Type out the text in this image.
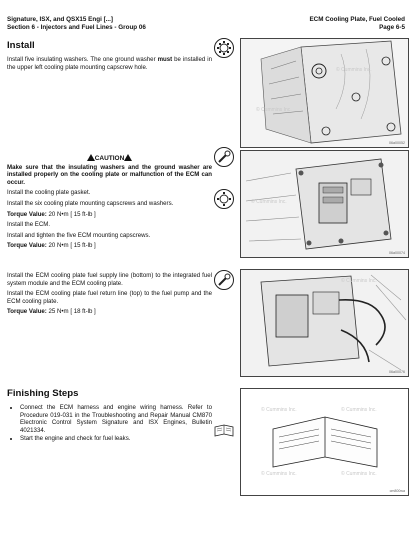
Signature, ISX, and QSX15 Engi [...]
Section 6 - Injectors and Fuel Lines - Group 06
ECM Cooling Plate, Fuel Cooled
Page 6-5
Install

Install five insulating washers. The one ground washer must be installed in the upper left cooling plate mounting capscrew hole.	© Cummins Inc.
© Cummins Inc.
06a00052
CAUTION

Make sure that the insulating washers and the ground washer are installed properly on the cooling plate or malfunction of the ECM can occur.

Install the cooling plate gasket.

Install the six cooling plate mounting capscrews and washers.

Torque Value: 20 N•m [ 15 ft-lb ]

Install the ECM.

Install and tighten the five ECM mounting capscrews.

Torque Value: 20 N•m [ 15 ft-lb ]

© Cummins Inc.
06a00074

Install the ECM cooling plate fuel supply line (bottom) to the integrated fuel system module and the ECM cooling plate.

Install the ECM cooling plate fuel return line (top) to the fuel pump and the ECM cooling plate.

Torque Value: 25 N•m [ 18 ft-lb ]

© Cummins Inc.
06a00076
Finishing Steps
• Connect the ECM harness and engine wiring harness. Refer to Procedure 019-031 in the Troubleshooting and Repair Manual CM870 Electronic Control System Signature and ISX Engines, Bulletin 4021334.
• Start the engine and check for fuel leaks.
© Cummins Inc.	© Cummins Inc.
© Cummins Inc.	© Cummins Inc.
cm800wa
